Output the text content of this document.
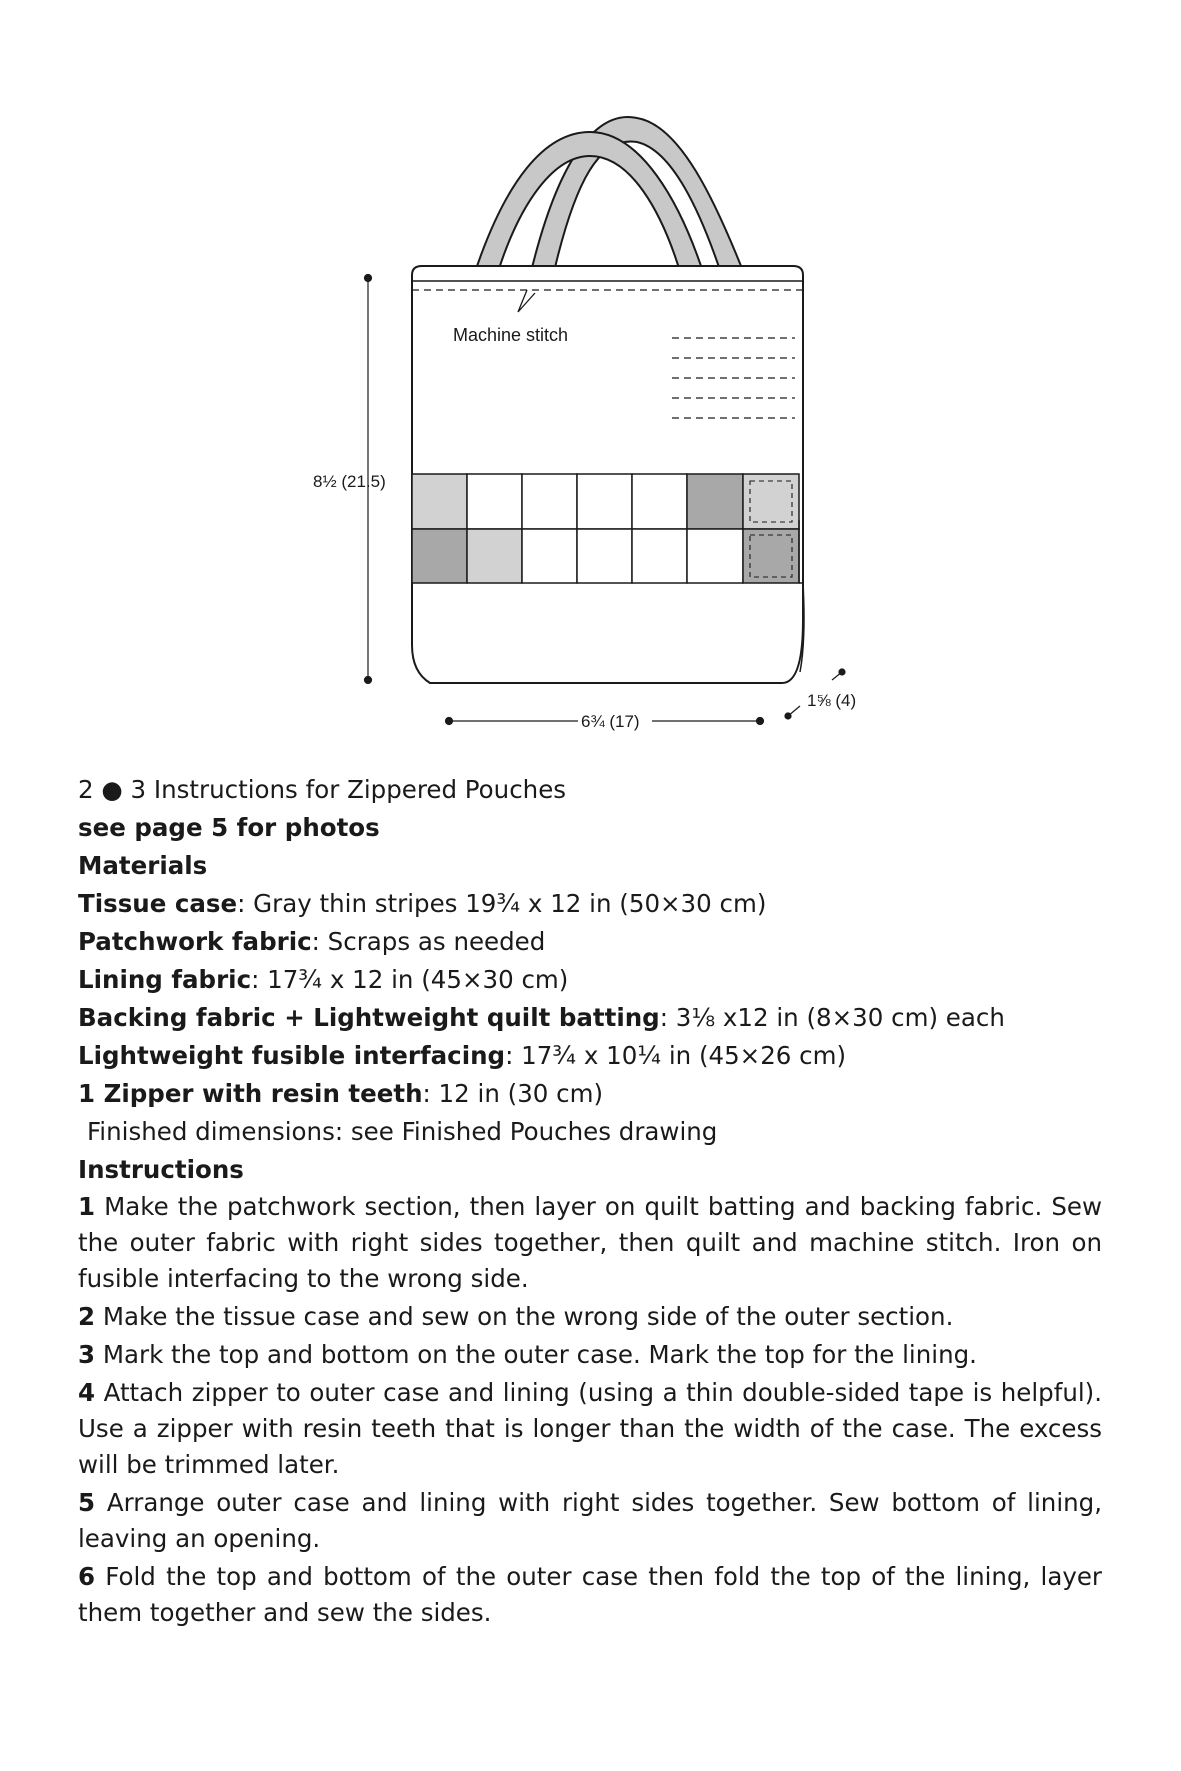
Machine stitch
8½ (21.5)
6¾ (17)
1⅝ (4)

2 ● 3 Instructions for Zippered Pouches

see page 5 for photos

Materials

Tissue case: Gray thin stripes 19¾ x 12 in (50×30 cm)

Patchwork fabric: Scraps as needed

Lining fabric: 17¾ x 12 in (45×30 cm)

Backing fabric + Lightweight quilt batting: 3⅛ x12 in (8×30 cm) each

Lightweight fusible interfacing: 17¾ x 10¼ in (45×26 cm)

1 Zipper with resin teeth: 12 in (30 cm)

Finished dimensions: see Finished Pouches drawing

Instructions

1 Make the patchwork section, then layer on quilt batting and backing fabric. Sew the outer fabric with right sides together, then quilt and machine stitch. Iron on fusible interfacing to the wrong side.

2 Make the tissue case and sew on the wrong side of the outer section.

3 Mark the top and bottom on the outer case. Mark the top for the lining.

4 Attach zipper to outer case and lining (using a thin double-sided tape is helpful). Use a zipper with resin teeth that is longer than the width of the case. The excess will be trimmed later.

5 Arrange outer case and lining with right sides together. Sew bottom of lining, leaving an opening.

6 Fold the top and bottom of the outer case then fold the top of the lining, layer them together and sew the sides.
